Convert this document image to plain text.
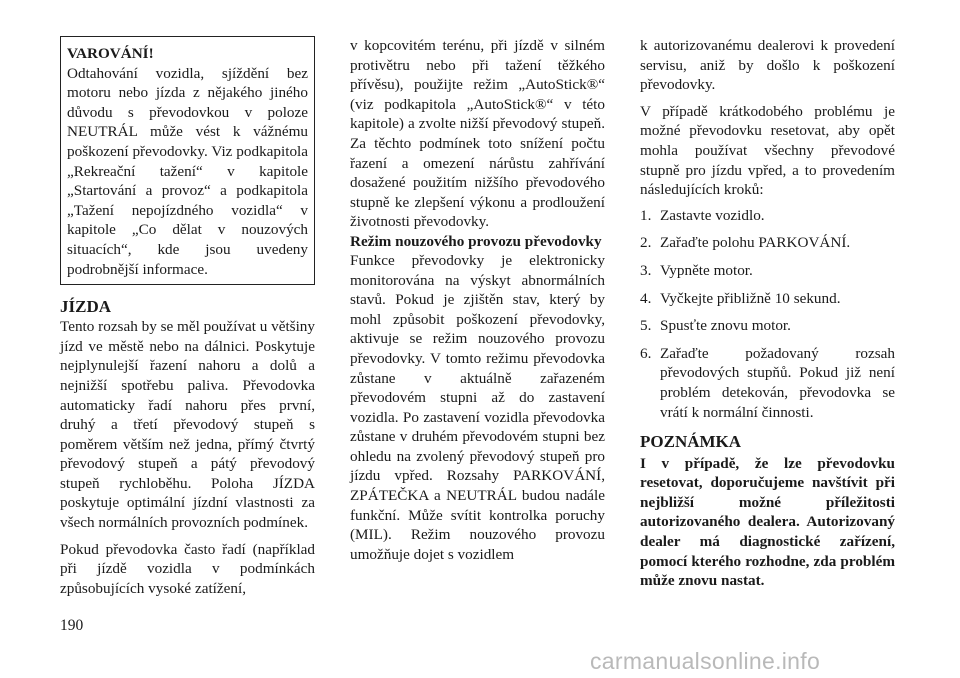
VAROVÁNÍ!

Odtahování vozidla, sjíždění bez motoru nebo jízda z nějakého jiného důvodu s převodovkou v poloze NEUTRÁL může vést k vážnému poškození převodovky. Viz podkapitola „Rekreační tažení“ v kapitole „Startování a provoz“ a podkapitola „Tažení nepojízdného vozidla“ v kapitole „Co dělat v nouzových situacích“, kde jsou uvedeny podrobnější informace.

JÍZDA

Tento rozsah by se měl používat u většiny jízd ve městě nebo na dálnici. Poskytuje nejplynulejší řazení nahoru a dolů a nejnižší spotřebu paliva. Převodovka automaticky řadí nahoru přes první, druhý a třetí převodový stupeň s poměrem větším než jedna, přímý čtvrtý převodový stupeň a pátý převodový stupeň rychloběhu. Poloha JÍZDA poskytuje optimální jízdní vlastnosti za všech normálních provozních podmínek.

Pokud převodovka často řadí (například při jízdě vozidla v podmínkách způsobujících vysoké zatížení,

v kopcovitém terénu, při jízdě v silném protivětru nebo při tažení těžkého přívěsu), použijte režim „AutoStick®“ (viz podkapitola „AutoStick®“ v této kapitole) a zvolte nižší převodový stupeň. Za těchto podmínek toto snížení počtu řazení a omezení nárůstu zahřívání dosažené použitím nižšího převodového stupně ke zlepšení výkonu a prodloužení životnosti převodovky.

Režim nouzového provozu převodovky

Funkce převodovky je elektronicky monitorována na výskyt abnormálních stavů. Pokud je zjištěn stav, který by mohl způsobit poškození převodovky, aktivuje se režim nouzového provozu převodovky. V tomto režimu převodovka zůstane v aktuálně zařazeném převodovém stupni až do zastavení vozidla. Po zastavení vozidla převodovka zůstane v druhém převodovém stupni bez ohledu na zvolený převodový stupeň pro jízdu vpřed. Rozsahy PARKOVÁNÍ, ZPÁTEČKA a NEUTRÁL budou nadále funkční. Může svítit kontrolka poruchy (MIL). Režim nouzového provozu umožňuje dojet s vozidlem

k autorizovanému dealerovi k provedení servisu, aniž by došlo k poškození převodovky.

V případě krátkodobého problému je možné převodovku resetovat, aby opět mohla používat všechny převodové stupně pro jízdu vpřed, a to provedením následujících kroků:

1. Zastavte vozidlo.
2. Zařaďte polohu PARKOVÁNÍ.
3. Vypněte motor.
4. Vyčkejte přibližně 10 sekund.
5. Spusťte znovu motor.
6. Zařaďte požadovaný rozsah převodových stupňů. Pokud již není problém detekován, převodovka se vrátí k normální činnosti.

POZNÁMKA

I v případě, že lze převodovku resetovat, doporučujeme navštívit při nejbližší možné příležitosti autorizovaného dealera. Autorizovaný dealer má diagnostické zařízení, pomocí kterého rozhodne, zda problém může znovu nastat.

190
carmanualsonline.info
